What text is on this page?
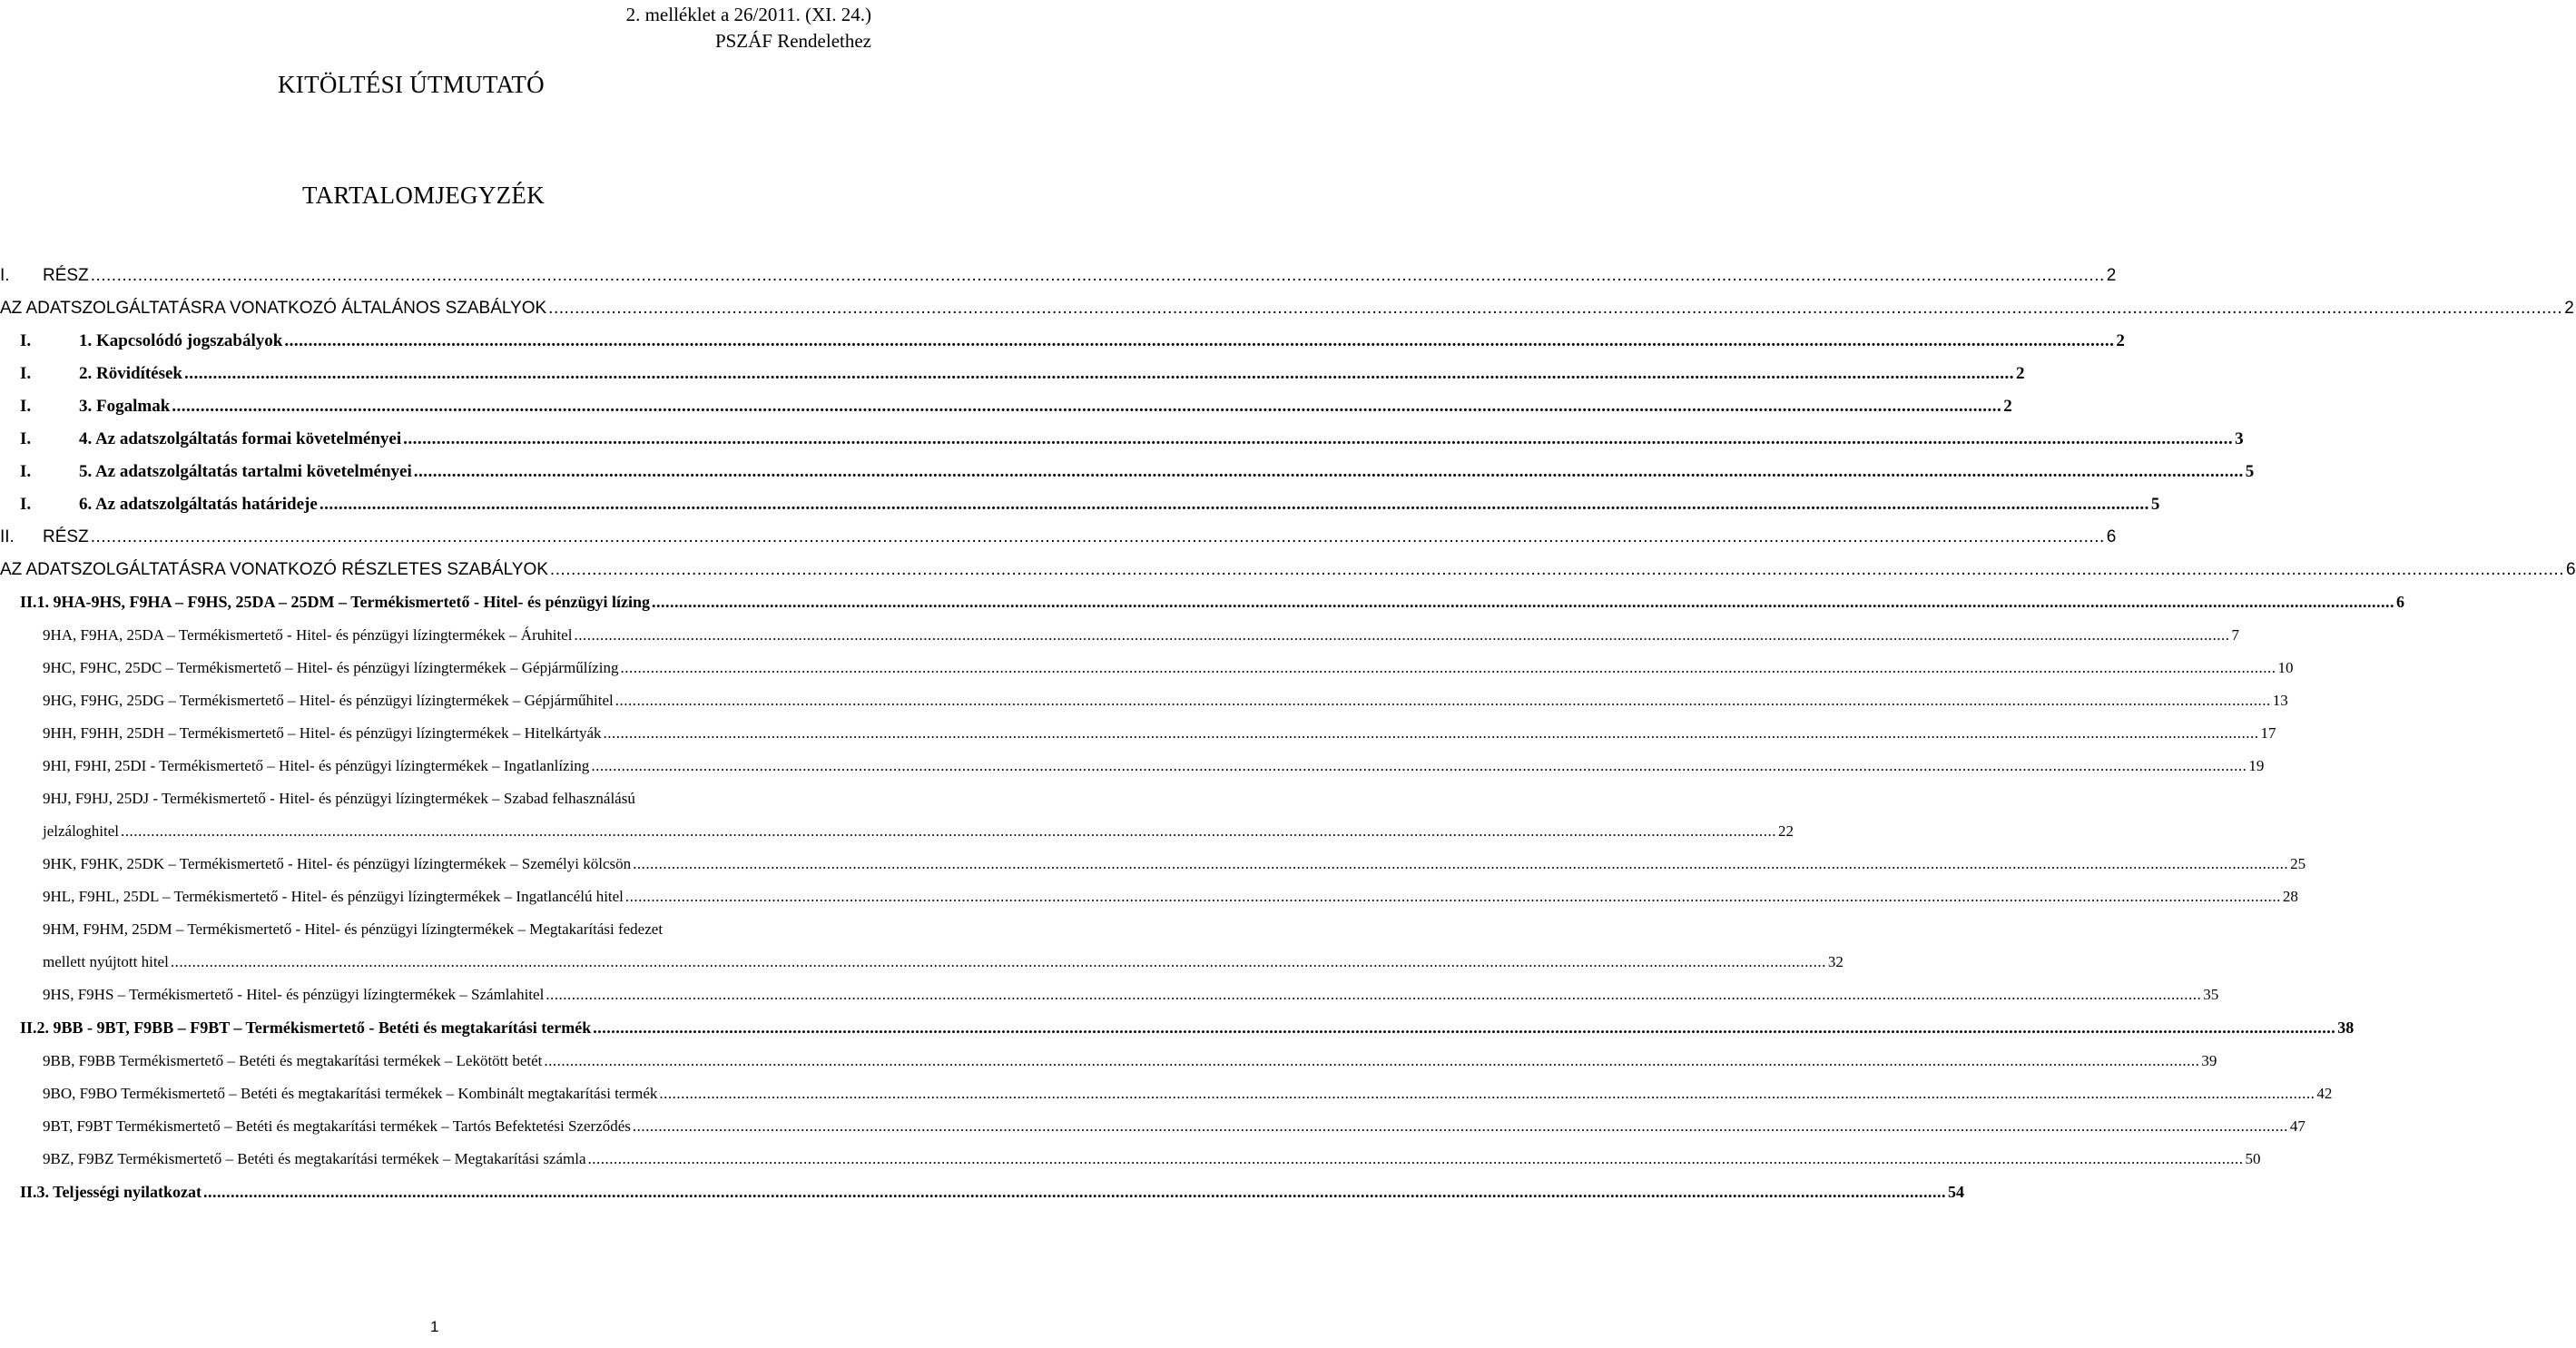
2. melléklet a 26/2011. (XI. 24.)
PSZÁF Rendelethez
KITÖLTÉSI ÚTMUTATÓ
TARTALOMJEGYZÉK
I. RÉSZ .....	2
AZ ADATSZOLGÁLTATÁSRA VONATKOZÓ ÁLTALÁNOS SZABÁLYOK .....	2
I.	1. Kapcsolódó jogszabályok .....	2
I.	2. Rövidítések .....	2
I.	3. Fogalmak .....	2
I.	4. Az adatszolgáltatás formai követelményei .....	3
I.	5. Az adatszolgáltatás tartalmi követelményei .....	5
I.	6. Az adatszolgáltatás határideje .....	5
II. RÉSZ .....	6
AZ ADATSZOLGÁLTATÁSRA VONATKOZÓ RÉSZLETES SZABÁLYOK .....	6
II.1. 9HA-9HS, F9HA – F9HS, 25DA – 25DM – Termékismertető - Hitel- és pénzügyi lízing .....	6
9HA, F9HA, 25DA – Termékismertető - Hitel- és pénzügyi lízingtermékek – Áruhitel .....	7
9HC, F9HC, 25DC – Termékismertető – Hitel- és pénzügyi lízingtermékek – Gépjárműlízing .....	10
9HG, F9HG, 25DG – Termékismertető – Hitel- és pénzügyi lízingtermékek – Gépjárműhitel .....	13
9HH, F9HH, 25DH – Termékismertető – Hitel- és pénzügyi lízingtermékek – Hitelkártyák .....	17
9HI, F9HI, 25DI - Termékismertető – Hitel- és pénzügyi lízingtermékek – Ingatlanlízing .....	19
9HJ, F9HJ, 25DJ - Termékismertető - Hitel- és pénzügyi lízingtermékek – Szabad felhasználású
jelzáloghitel .....	22
9HK, F9HK, 25DK – Termékismertető - Hitel- és pénzügyi lízingtermékek – Személyi kölcsön .....	25
9HL, F9HL, 25DL – Termékismertető - Hitel- és pénzügyi lízingtermékek – Ingatlancélú hitel .....	28
9HM, F9HM, 25DM – Termékismertető - Hitel- és pénzügyi lízingtermékek – Megtakarítási fedezet
mellett nyújtott hitel .....	32
9HS, F9HS – Termékismertető - Hitel- és pénzügyi lízingtermékek – Számlahitel .....	35
II.2. 9BB - 9BT, F9BB – F9BT – Termékismertető - Betéti és megtakarítási termék .....	38
9BB, F9BB Termékismertető – Betéti és megtakarítási termékek – Lekötött betét .....	39
9BO, F9BO Termékismertető – Betéti és megtakarítási termékek – Kombinált megtakarítási termék .....	42
9BT, F9BT Termékismertető – Betéti és megtakarítási termékek – Tartós Befektetési Szerződés .....	47
9BZ, F9BZ Termékismertető – Betéti és megtakarítási termékek – Megtakarítási számla .....	50
II.3. Teljességi nyilatkozat .....	54
1
